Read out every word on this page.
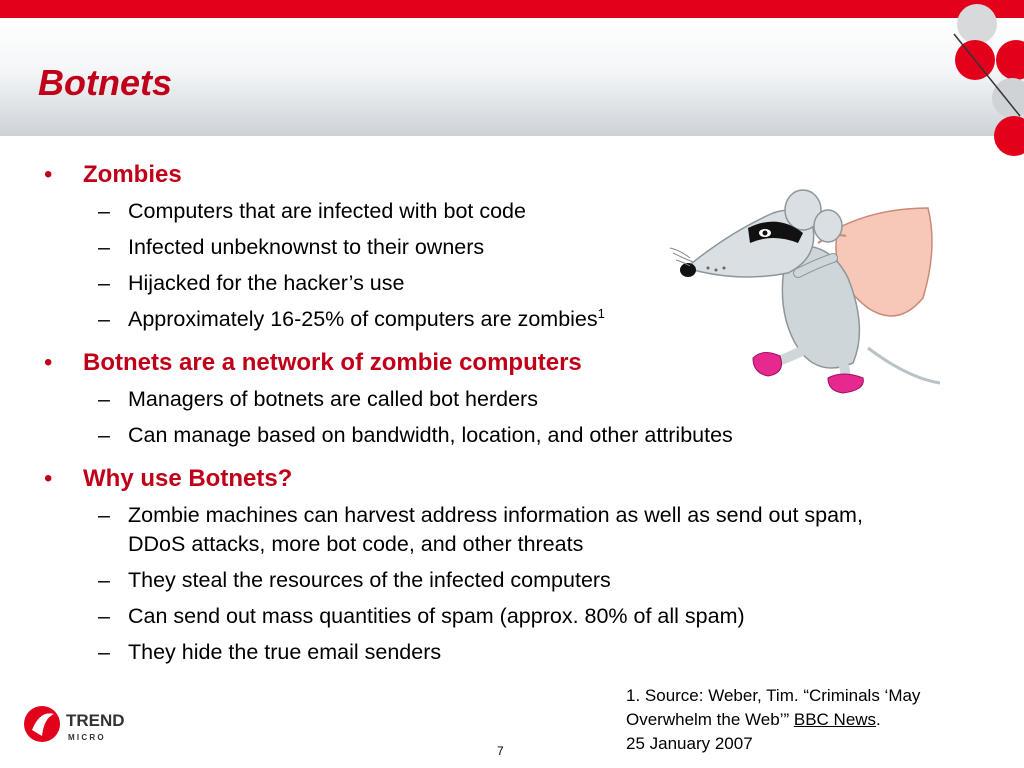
Botnets
• Zombies
– Computers that are infected with bot code
– Infected unbeknownst to their owners
– Hijacked for the hacker’s use
– Approximately 16-25% of computers are zombies$^1$
• Botnets are a network of zombie computers
– Managers of botnets are called bot herders
– Can manage based on bandwidth, location, and other attributes
• Why use Botnets?
– Zombie machines can harvest address information as well as send out spam, DDoS attacks, more bot code, and other threats
– They steal the resources of the infected computers
– Can send out mass quantities of spam (approx. 80% of all spam)
– They hide the true email senders
1. Source: Weber, Tim. “Criminals ‘May
Overwhelm the Web’” BBC News.
25 January 2007
7
TREND
M I C R O
